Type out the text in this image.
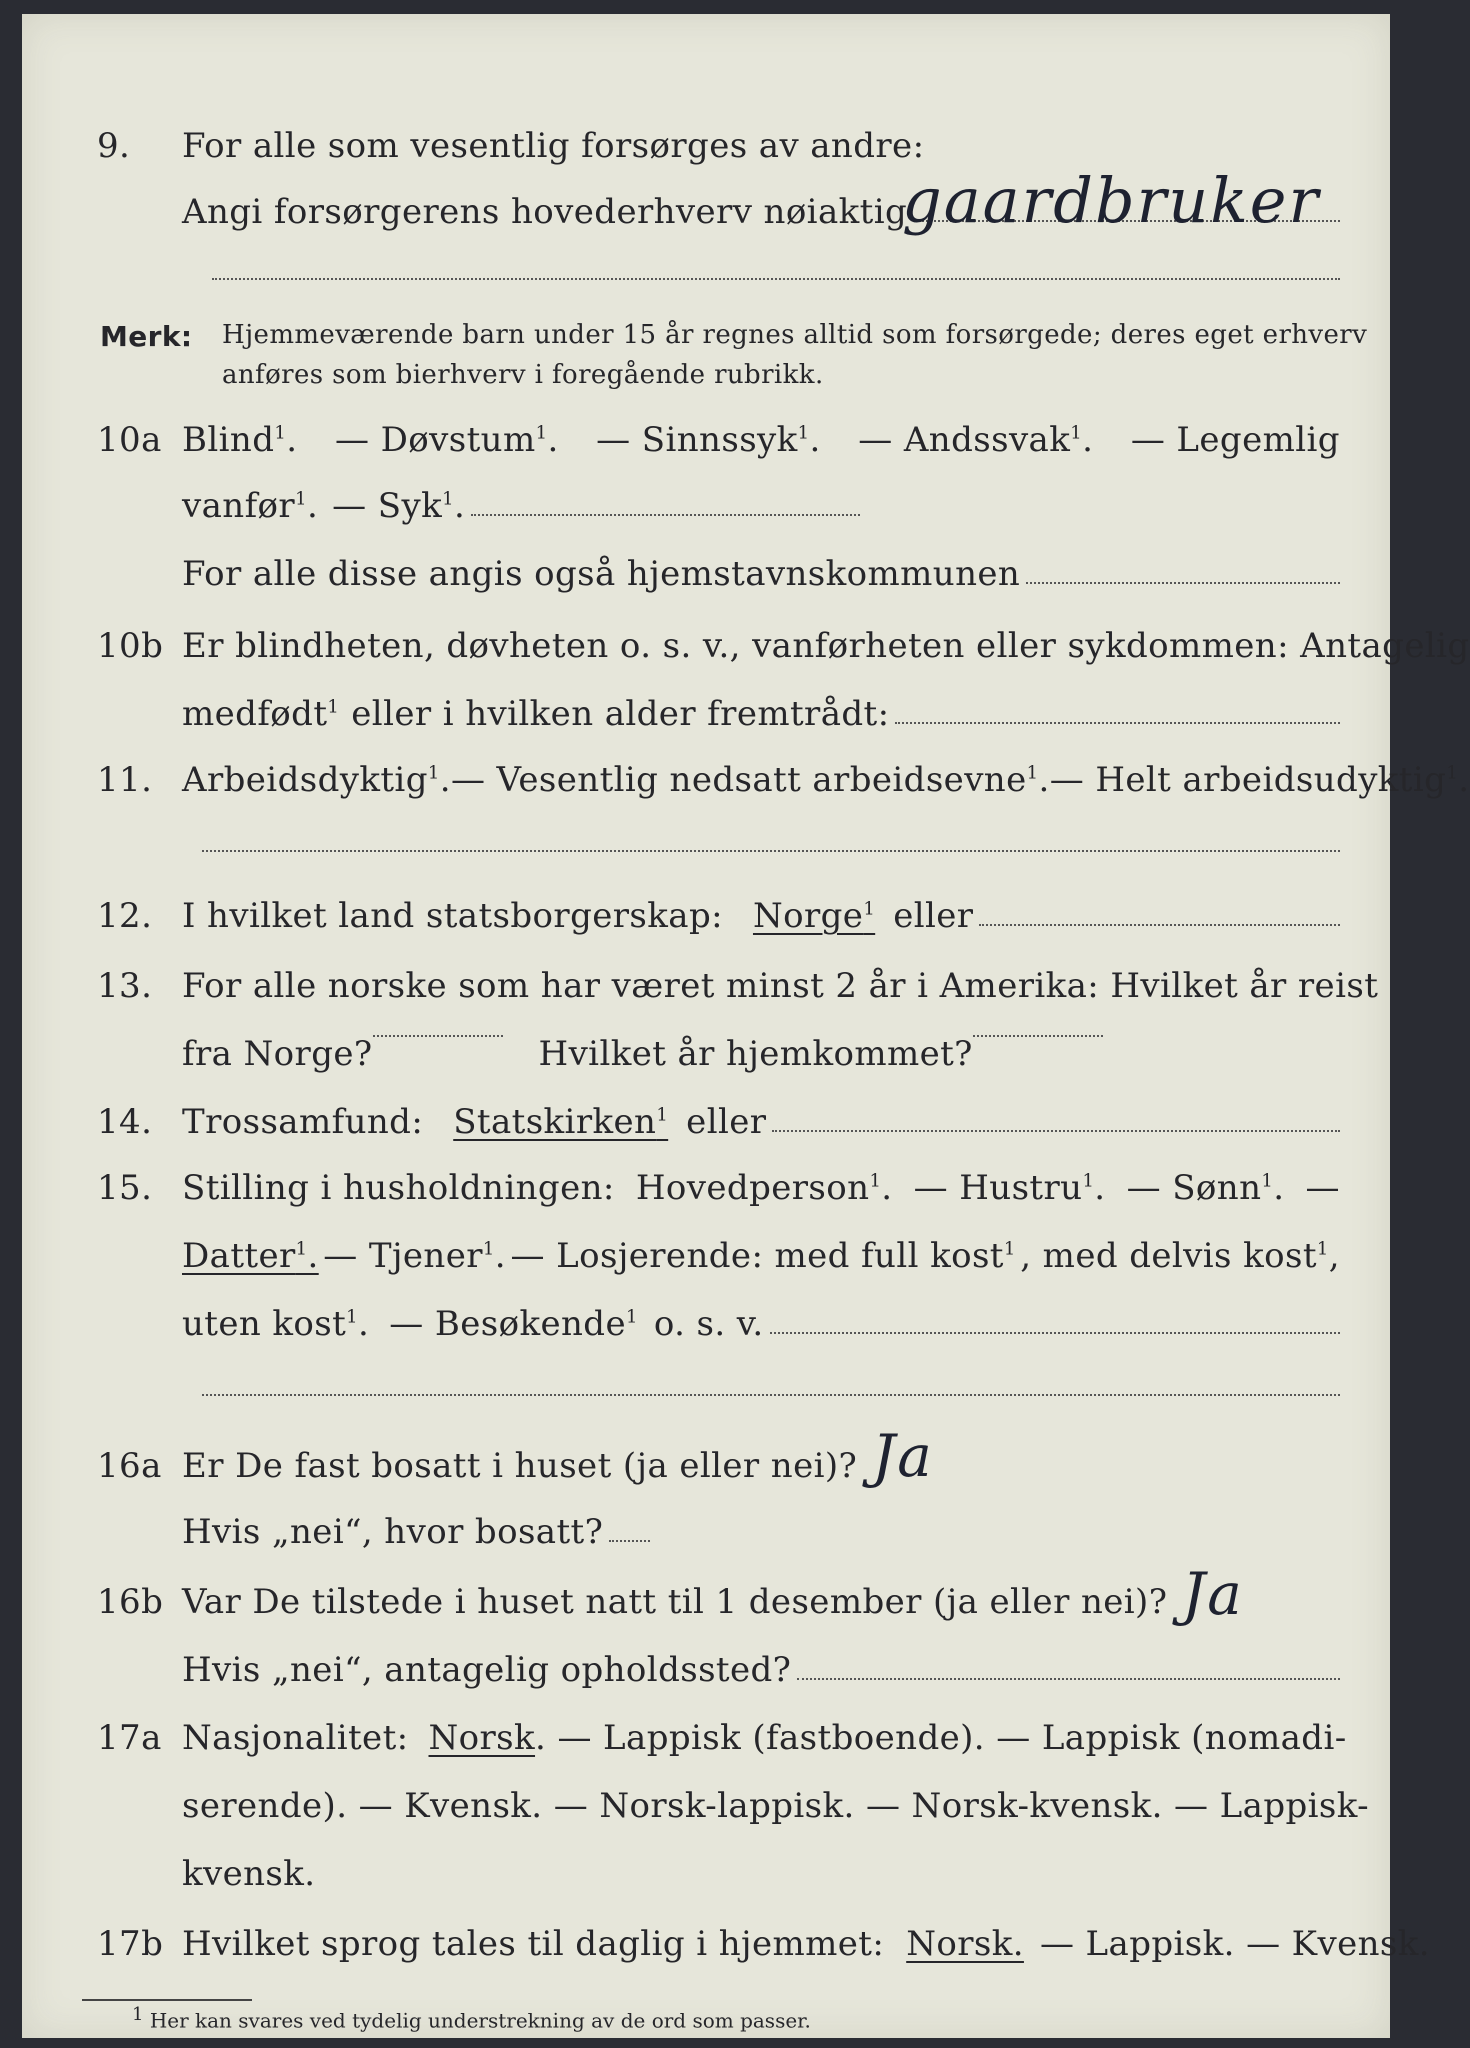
9. For alle som vesentlig forsørges av andre:
Angi forsørgerens hovederhverv nøiaktig
gaardbruker
Merk: Hjemmeværende barn under 15 år regnes alltid som forsørgede; deres eget erhverv
anføres som bierhverv i foregående rubrikk.
10a Blind$^1$. — Døvstum$^1$. — Sinnssyk$^1$. — Andssvak$^1$. — Legemlig
vanfør$^1$. — Syk$^1$.
For alle disse angis også hjemstavnskommunen
10b Er blindheten, døvheten o. s. v., vanførheten eller sykdommen: Antagelig
medfødt$^1$ eller i hvilken alder fremtrådt:
11. Arbeidsdyktig$^1$. — Vesentlig nedsatt arbeidsevne$^1$. — Helt arbeidsudyktig$^1$.
12. I hvilket land statsborgerskap: Norge$^1$ eller
13. For alle norske som har været minst 2 år i Amerika: Hvilket år reist
fra Norge?	Hvilket år hjemkommet?
14. Trossamfund: Statskirken$^1$ eller
15. Stilling i husholdningen: Hovedperson$^1$. — Hustru$^1$. — Sønn$^1$. —
Datter$^1$. — Tjener$^1$. — Losjerende: med full kost$^1$ , med delvis kost$^1$,
uten kost$^1$. — Besøkende$^1$ o. s. v.
16a Er De fast bosatt i huset (ja eller nei)? Ja
Hvis „nei“, hvor bosatt?
16b Var De tilstede i huset natt til 1 desember (ja eller nei)? Ja
Hvis „nei“, antagelig opholdssted?
17a Nasjonalitet: Norsk . — Lappisk (fastboende). — Lappisk (nomadi-
serende). — Kvensk. — Norsk-lappisk. — Norsk-kvensk. — Lappisk-
kvensk.
17b Hvilket sprog tales til daglig i hjemmet: Norsk. — Lappisk. — Kvensk.
$^1$ Her kan svares ved tydelig understrekning av de ord som passer.
